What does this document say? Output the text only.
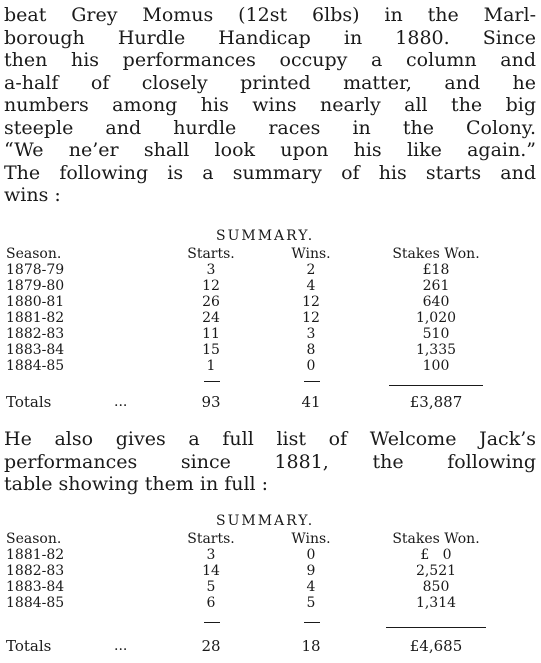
beat Grey Momus (12st 6lbs) in the Marl-
borough Hurdle Handicap in 1880. Since
then his performances occupy a column and
a-half of closely printed matter, and he
numbers among his wins nearly all the big
steeple and hurdle races in the Colony.
“We ne’er shall look upon his like again.”
The following is a summary of his starts and
wins :
SUMMARY.
Season.	Starts.	Wins.	Stakes Won.
1878-79	3	2	£18
1879-80	12	4	261
1880-81	26	12	640
1881-82	24	12	1,020
1882-83	11	3	510
1883-84	15	8	1,335
1884-85	1	0	100
Totals	...	93	41	£3,887
He also gives a full list of Welcome Jack’s
performances since 1881, the following
table showing them in full :
SUMMARY.
Season.	Starts.	Wins.	Stakes Won.
1881-82	3	0	£   0
1882-83	14	9	2,521
1883-84	5	4	850
1884-85	6	5	1,314
Totals	...	28	18	£4,685
